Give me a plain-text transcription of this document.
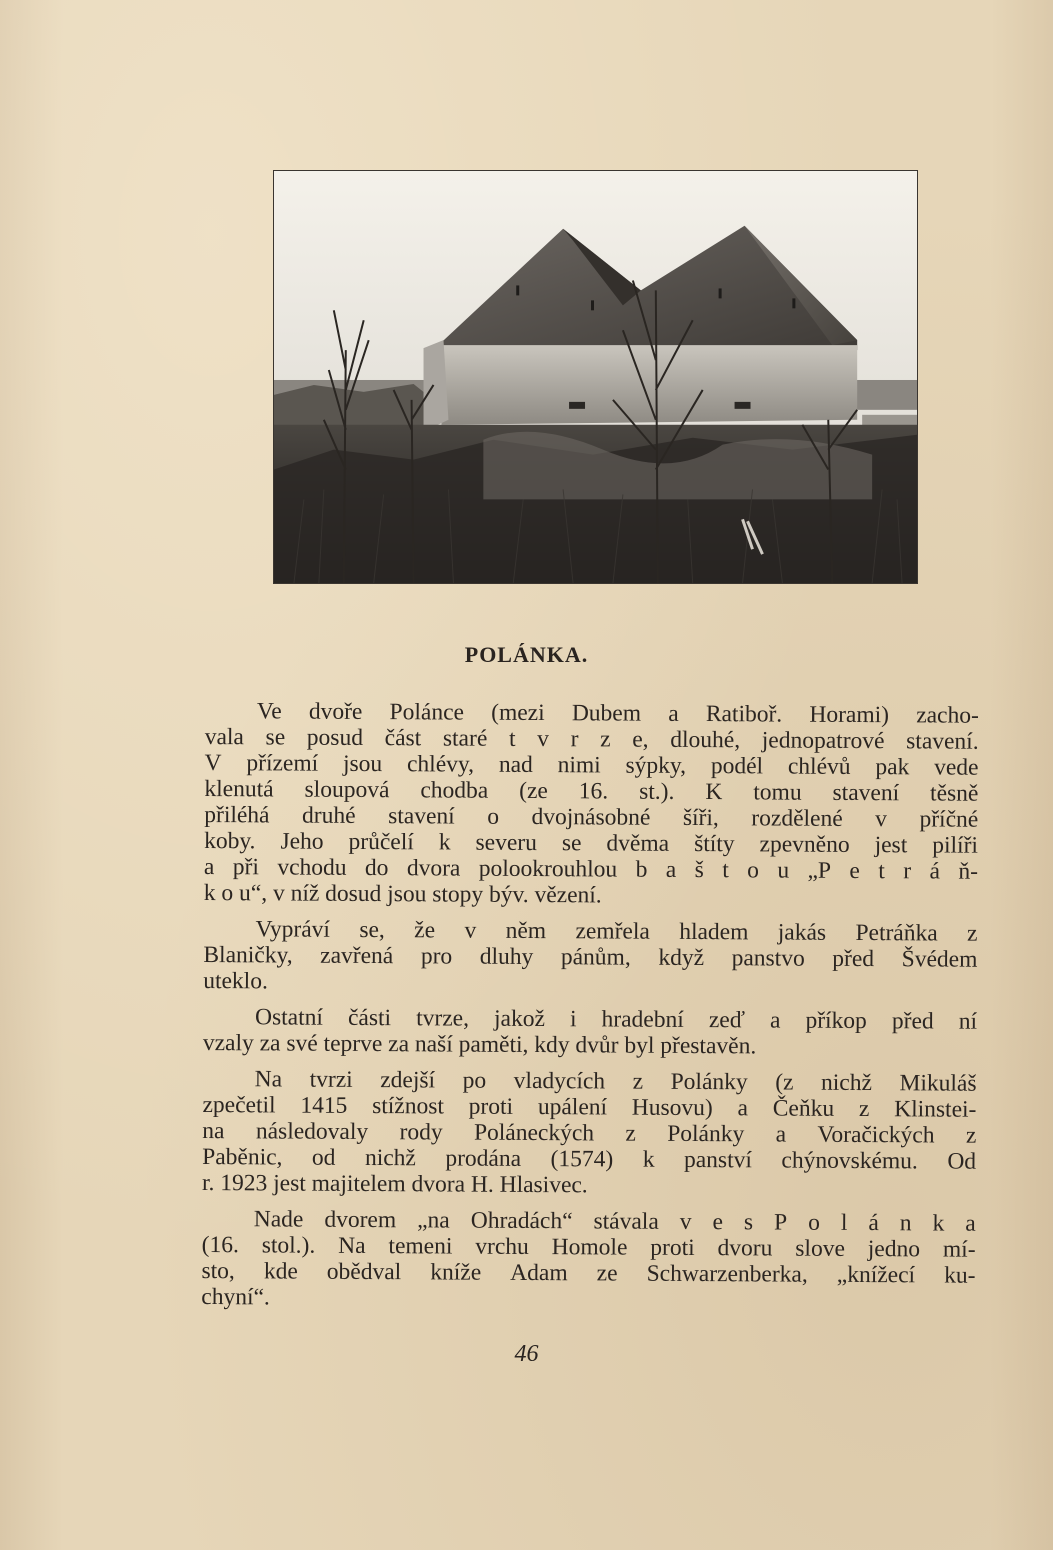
POLÁNKA.
Ve dvoře Polánce (mezi Dubem a Ratiboř. Horami) zacho-
vala se posud část staré t v r z e, dlouhé, jednopatrové stavení.
V přízemí jsou chlévy, nad nimi sýpky, podél chlévů pak vede
klenutá sloupová chodba (ze 16. st.). K tomu stavení těsně
přiléhá druhé stavení o dvojnásobné šíři, rozdělené v příčné
koby. Jeho průčelí k severu se dvěma štíty zpevněno jest pilíři
a při vchodu do dvora polookrouhlou b a š t o u „P e t r á ň-
k o u“, v níž dosud jsou stopy býv. vězení.
Vypráví se, že v něm zemřela hladem jakás Petráňka z
Blaničky, zavřená pro dluhy pánům, když panstvo před Švédem
uteklo.
Ostatní části tvrze, jakož i hradební zeď a příkop před ní
vzaly za své teprve za naší paměti, kdy dvůr byl přestavěn.
Na tvrzi zdejší po vladycích z Polánky (z nichž Mikuláš
zpečetil 1415 stížnost proti upálení Husovu) a Čeňku z Klinstei-
na následovaly rody Poláneckých z Polánky a Voračických z
Paběnic, od nichž prodána (1574) k panství chýnovskému. Od
r. 1923 jest majitelem dvora H. Hlasivec.
Nade dvorem „na Ohradách“ stávala v e s P o l á n k a
(16. stol.). Na temeni vrchu Homole proti dvoru slove jedno mí-
sto, kde obědval kníže Adam ze Schwarzenberka, „knížecí ku-
chyní“.
46
